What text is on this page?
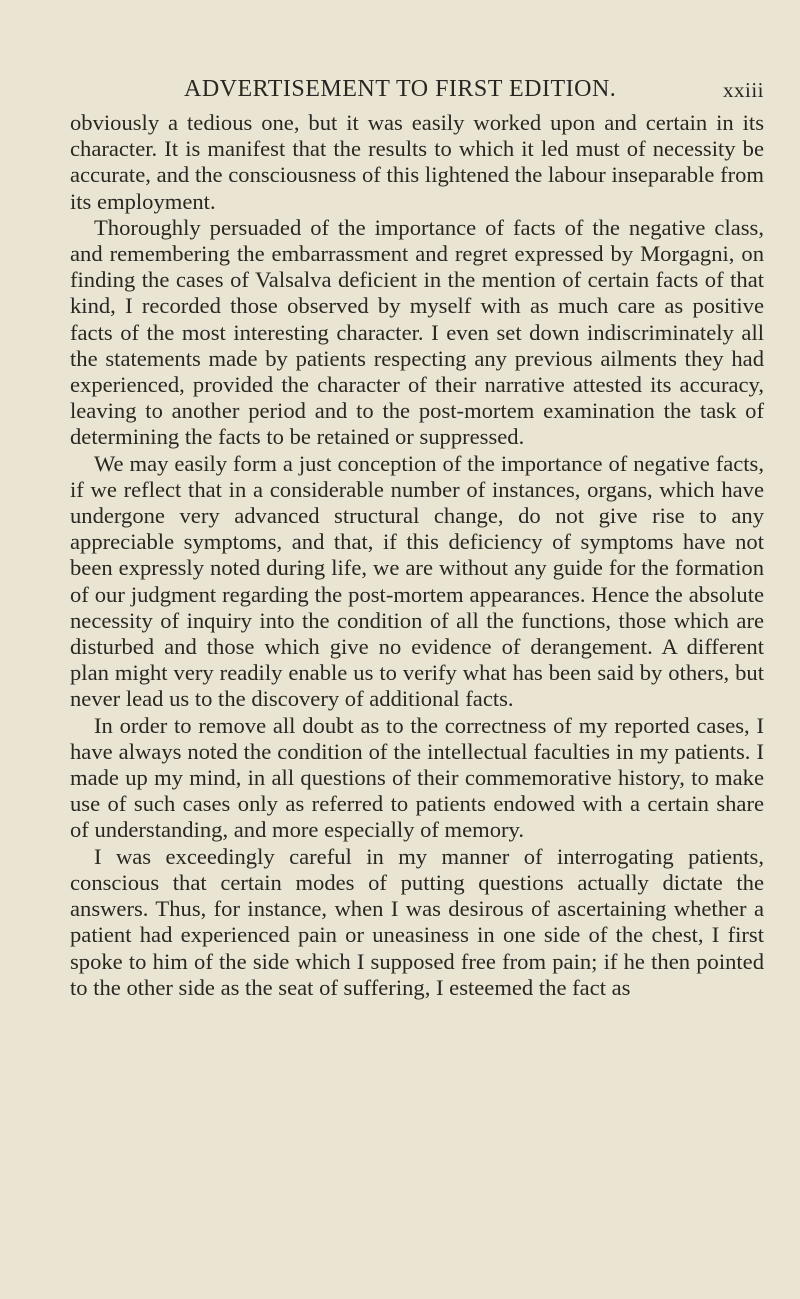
ADVERTISEMENT TO FIRST EDITION.	xxiii

obviously a tedious one, but it was easily worked upon and certain in its character. It is manifest that the results to which it led must of necessity be accurate, and the consciousness of this lightened the labour inseparable from its employment.

Thoroughly persuaded of the importance of facts of the negative class, and remembering the embarrassment and regret expressed by Morgagni, on finding the cases of Valsalva deficient in the mention of certain facts of that kind, I recorded those observed by myself with as much care as positive facts of the most interesting character. I even set down indiscriminately all the statements made by patients respecting any previous ailments they had experienced, provided the character of their narrative attested its accuracy, leaving to another period and to the post-mortem examination the task of determining the facts to be retained or suppressed.

We may easily form a just conception of the importance of negative facts, if we reflect that in a considerable number of instances, organs, which have undergone very advanced structural change, do not give rise to any appreciable symptoms, and that, if this deficiency of symptoms have not been expressly noted during life, we are without any guide for the formation of our judgment regarding the post-mortem appearances. Hence the absolute necessity of inquiry into the condition of all the functions, those which are disturbed and those which give no evidence of derangement. A different plan might very readily enable us to verify what has been said by others, but never lead us to the discovery of additional facts.

In order to remove all doubt as to the correctness of my reported cases, I have always noted the condition of the intellectual faculties in my patients. I made up my mind, in all questions of their commemorative history, to make use of such cases only as referred to patients endowed with a certain share of understanding, and more especially of memory.

I was exceedingly careful in my manner of interrogating patients, conscious that certain modes of putting questions actually dictate the answers. Thus, for instance, when I was desirous of ascertaining whether a patient had experienced pain or uneasiness in one side of the chest, I first spoke to him of the side which I supposed free from pain; if he then pointed to the other side as the seat of suffering, I esteemed the fact as
